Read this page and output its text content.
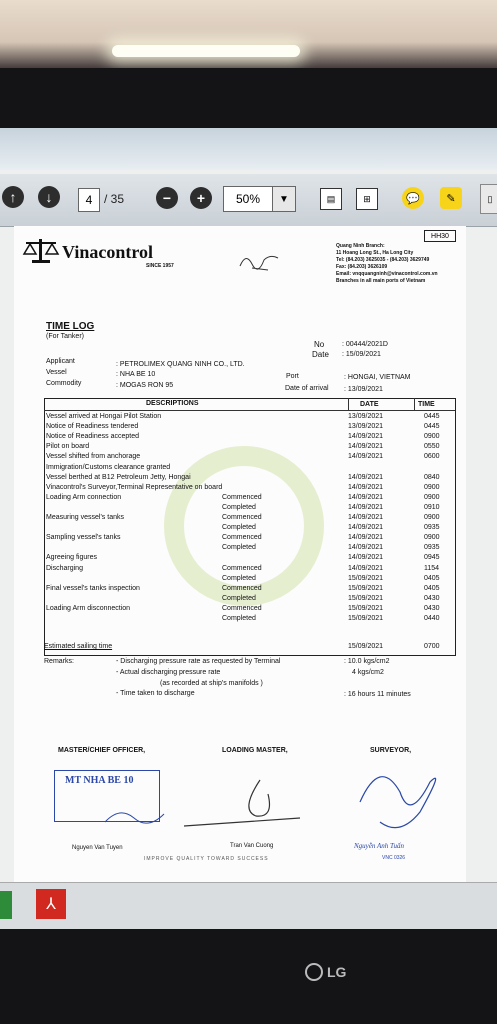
↑	↓	4 / 35	−	+	50%	▼	▤	⊞	💬	✎	▯
HH30
Vinacontrol
SINCE 1957
Quang Ninh Branch:
11 Hoang Long St., Ha Long City
Tel: (84.203) 3625035 - (84.203) 3629749
Fax: (84.203) 3626109
Email: vnqquangninh@vinacontrol.com.vn
Branches in all main ports of Vietnam
TIME LOG
(For Tanker)
No	: 00444/2021D
Date : 15/09/2021
Applicant	: PETROLIMEX QUANG NINH CO., LTD.
Vessel	: NHA BE 10
Commodity	: MOGAS RON 95
Port	: HONGAI, VIETNAM
Date of arrival : 13/09/2021
DESCRIPTIONS	DATE	TIME
Vessel arrived at Hongai Pilot Station	13/09/2021	0445
Notice of Readiness tendered	13/09/2021	0445
Notice of Readiness accepted	14/09/2021	0900
Pilot on board	14/09/2021	0550
Vessel shifted from anchorage	14/09/2021	0600
Immigration/Customs clearance granted
Vessel berthed at B12 Petroleum Jetty, Hongai	14/09/2021	0840
Vinacontrol's Surveyor,Terminal Representative on board	14/09/2021	0900
Loading Arm connection	Commenced	14/09/2021	0900
Completed	14/09/2021	0910
Measuring vessel's tanks	Commenced	14/09/2021	0900
Completed	14/09/2021	0935
Sampling vessel's tanks	Commenced	14/09/2021	0900
Completed	14/09/2021	0935
Agreeing figures	14/09/2021	0945
Discharging	Commenced	14/09/2021	1154
Completed	15/09/2021	0405
Final vessel's tanks inspection	Commenced	15/09/2021	0405
Completed	15/09/2021	0430
Loading Arm disconnection	Commenced	15/09/2021	0430
Completed	15/09/2021	0440
Estimated sailing time	15/09/2021	0700
Remarks:	- Discharging pressure rate as requested by Terminal	: 10.0 kgs/cm2
- Actual discharging pressure rate	4 kgs/cm2
(as recorded at ship's manifolds )
- Time taken to discharge	: 16 hours 11 minutes
MASTER/CHIEF OFFICER,	LOADING MASTER,	SURVEYOR,
MT NHA BE 10
Nguyen Van Tuyen	Tran Van Cuong	Nguyễn Anh Tuấn
VNC 0326
IMPROVE QUALITY TOWARD SUCCESS
⅄
LG
